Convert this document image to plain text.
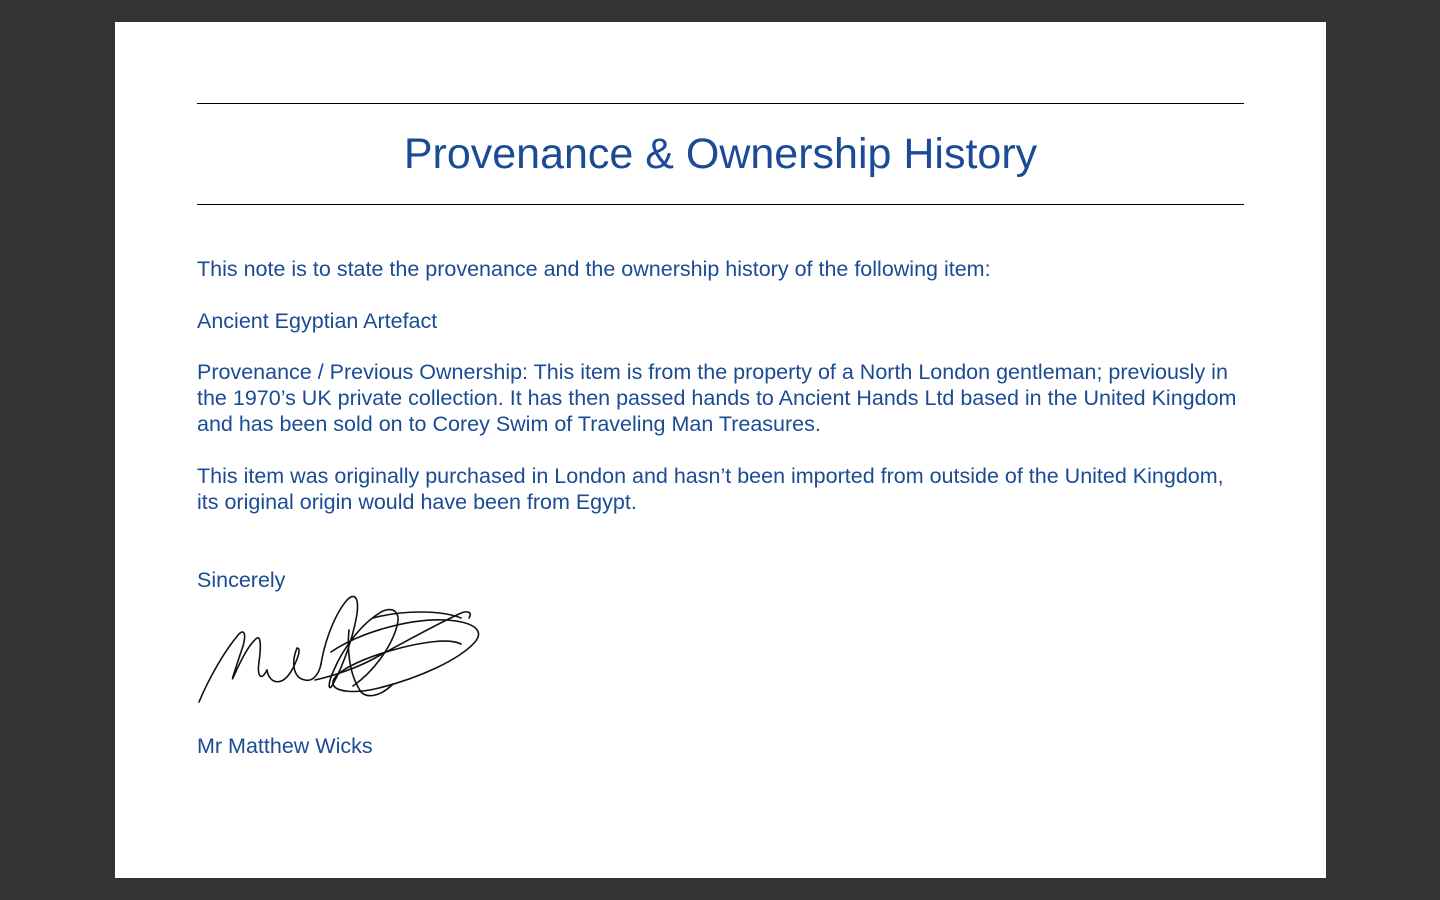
Provenance & Ownership History

This note is to state the provenance and the ownership history of the following item:

Ancient Egyptian Artefact

Provenance / Previous Ownership: This item is from the property of a North London gentleman; previously in the 1970’s UK private collection. It has then passed hands to Ancient Hands Ltd based in the United Kingdom and has been sold on to Corey Swim of Traveling Man Treasures.

This item was originally purchased in London and hasn’t been imported from outside of the United Kingdom, its original origin would have been from Egypt.

Sincerely

Mr Matthew Wicks
